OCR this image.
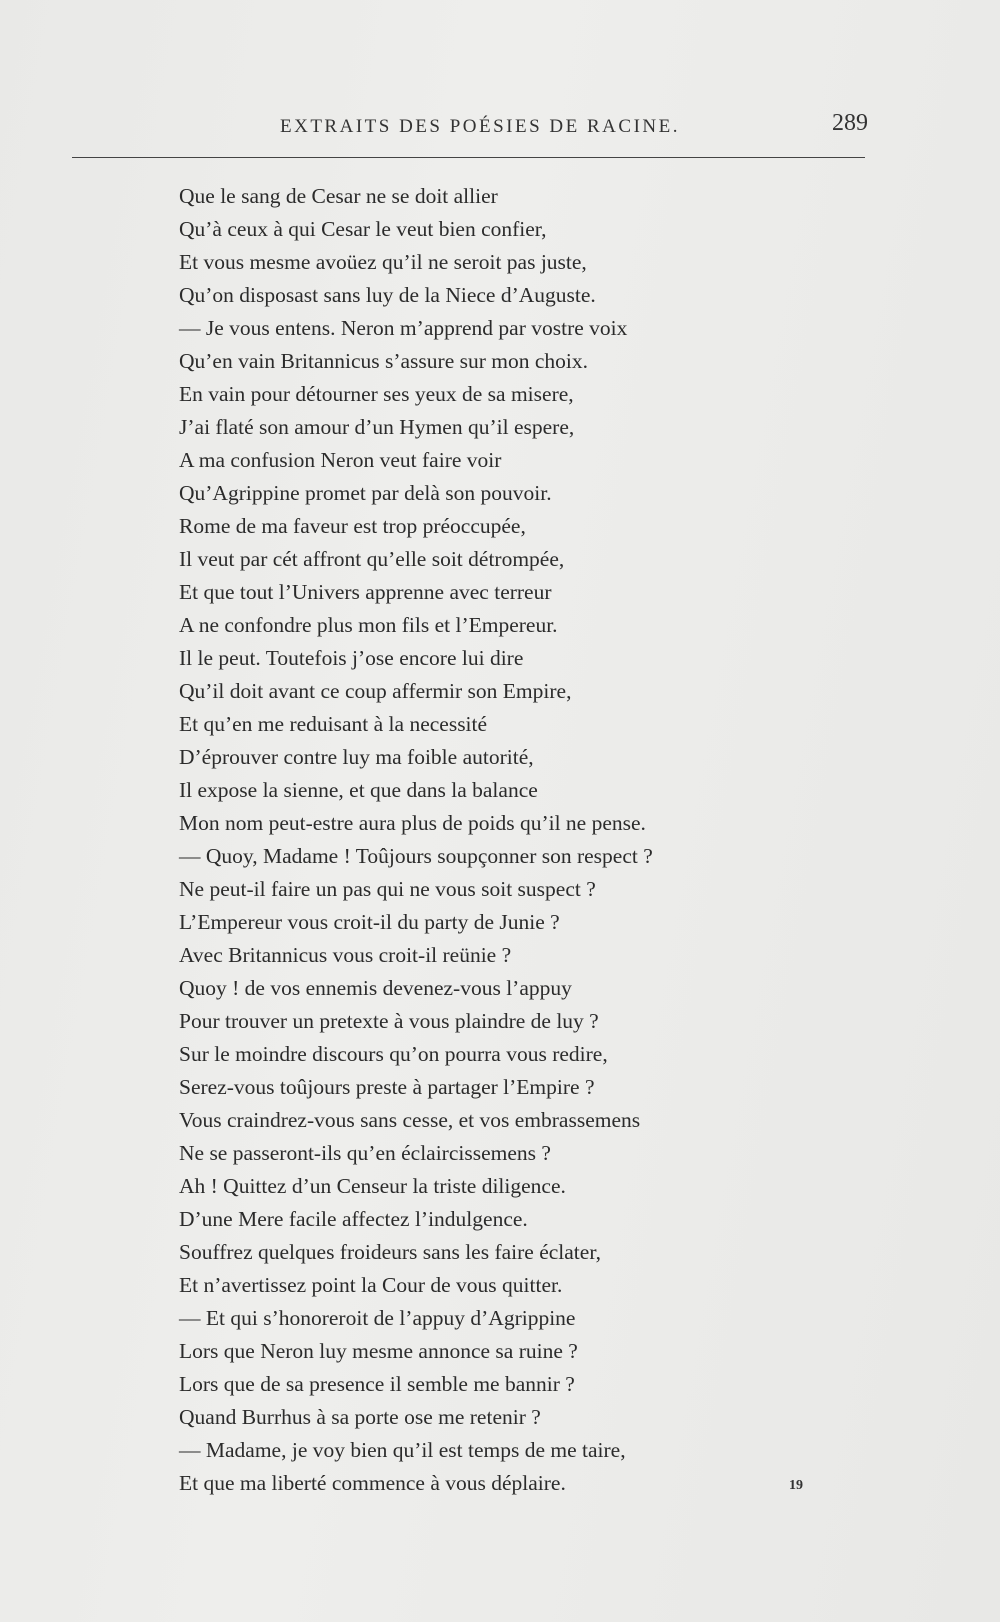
EXTRAITS DES POÉSIES DE RACINE.	289
Que le sang de Cesar ne se doit allier
Qu’à ceux à qui Cesar le veut bien confier,
Et vous mesme avoüez qu’il ne seroit pas juste,
Qu’on disposast sans luy de la Niece d’Auguste.
— Je vous entens. Neron m’apprend par vostre voix
Qu’en vain Britannicus s’assure sur mon choix.
En vain pour détourner ses yeux de sa misere,
J’ai flaté son amour d’un Hymen qu’il espere,
A ma confusion Neron veut faire voir
Qu’Agrippine promet par delà son pouvoir.
Rome de ma faveur est trop préoccupée,
Il veut par cét affront qu’elle soit détrompée,
Et que tout l’Univers apprenne avec terreur
A ne confondre plus mon fils et l’Empereur.
Il le peut. Toutefois j’ose encore lui dire
Qu’il doit avant ce coup affermir son Empire,
Et qu’en me reduisant à la necessité
D’éprouver contre luy ma foible autorité,
Il expose la sienne, et que dans la balance
Mon nom peut-estre aura plus de poids qu’il ne pense.
— Quoy, Madame ! Toûjours soupçonner son respect ?
Ne peut-il faire un pas qui ne vous soit suspect ?
L’Empereur vous croit-il du party de Junie ?
Avec Britannicus vous croit-il reünie ?
Quoy ! de vos ennemis devenez-vous l’appuy
Pour trouver un pretexte à vous plaindre de luy ?
Sur le moindre discours qu’on pourra vous redire,
Serez-vous toûjours preste à partager l’Empire ?
Vous craindrez-vous sans cesse, et vos embrassemens
Ne se passeront-ils qu’en éclaircissemens ?
Ah ! Quittez d’un Censeur la triste diligence.
D’une Mere facile affectez l’indulgence.
Souffrez quelques froideurs sans les faire éclater,
Et n’avertissez point la Cour de vous quitter.
— Et qui s’honoreroit de l’appuy d’Agrippine
Lors que Neron luy mesme annonce sa ruine ?
Lors que de sa presence il semble me bannir ?
Quand Burrhus à sa porte ose me retenir ?
— Madame, je voy bien qu’il est temps de me taire,
Et que ma liberté commence à vous déplaire.	19
